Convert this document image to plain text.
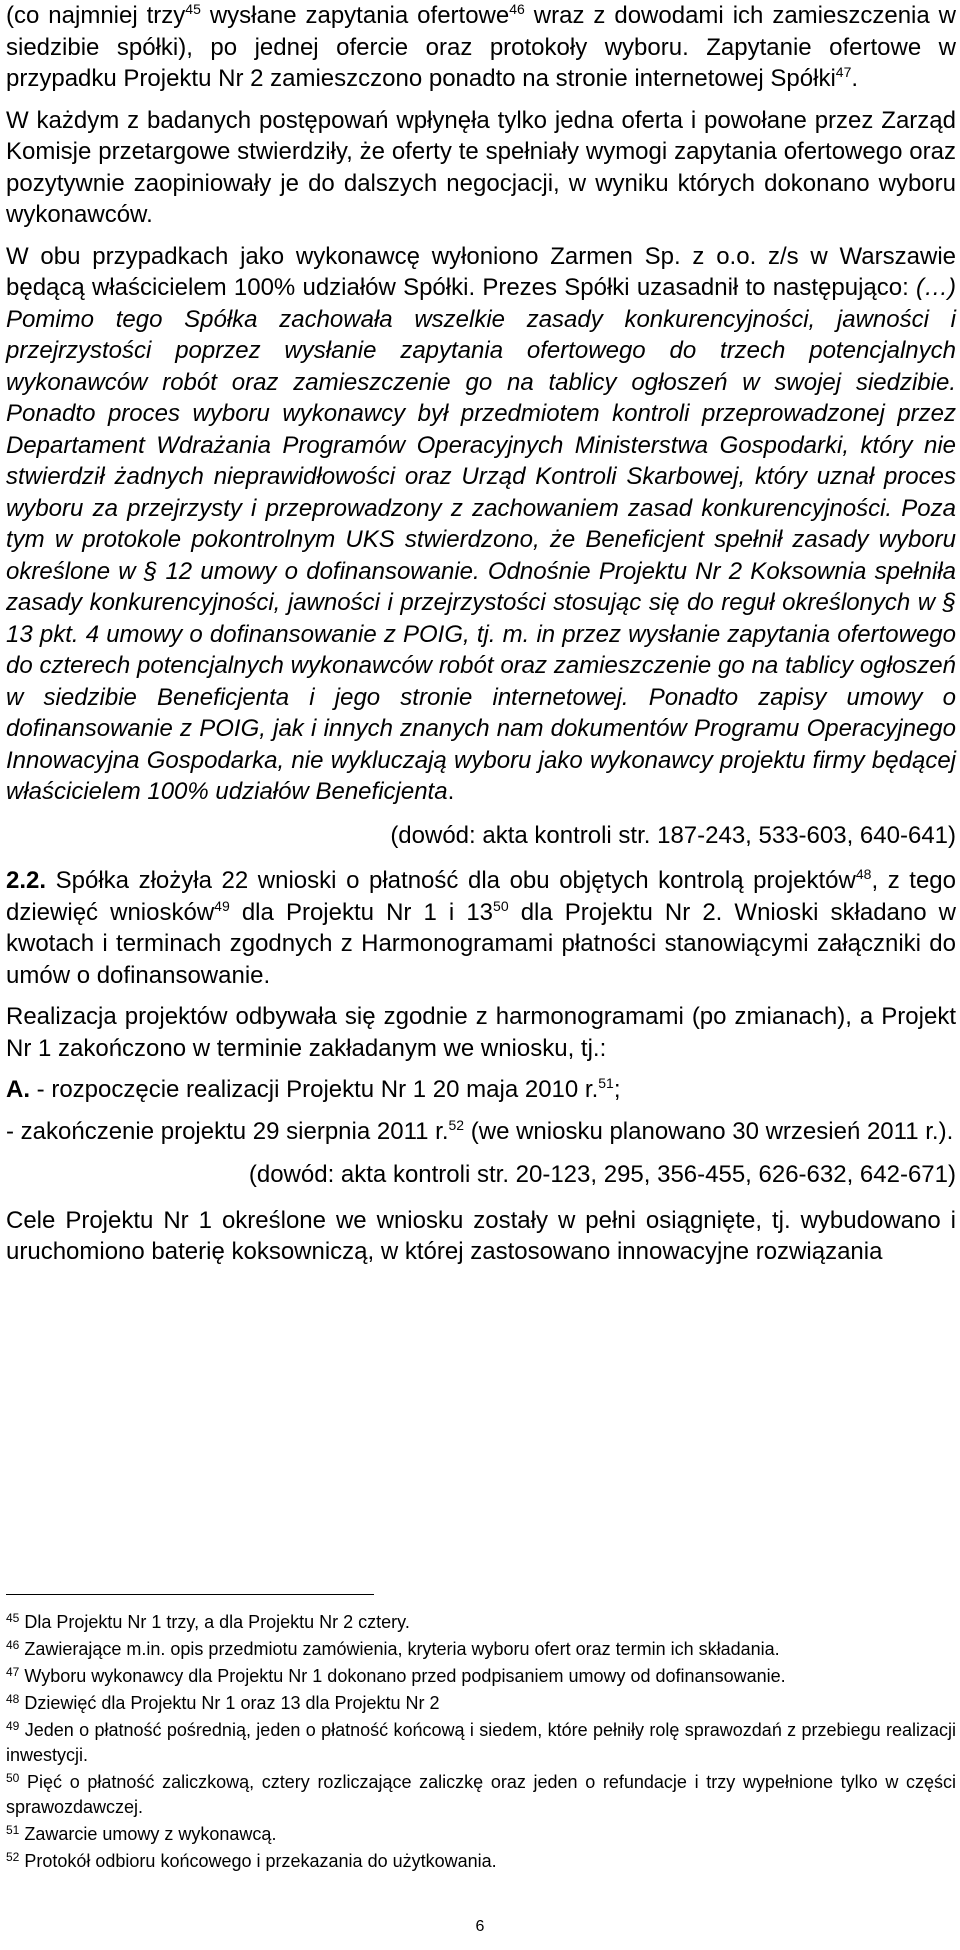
(co najmniej trzy$^{45}$ wysłane zapytania ofertowe$^{46}$ wraz z dowodami ich zamieszczenia w siedzibie spółki), po jednej ofercie oraz protokoły wyboru. Zapytanie ofertowe w przypadku Projektu Nr 2 zamieszczono ponadto na stronie internetowej Spółki$^{47}$.

W każdym z badanych postępowań wpłynęła tylko jedna oferta i powołane przez Zarząd Komisje przetargowe stwierdziły, że oferty te spełniały wymogi zapytania ofertowego oraz pozytywnie zaopiniowały je do dalszych negocjacji, w wyniku których dokonano wyboru wykonawców.

W obu przypadkach jako wykonawcę wyłoniono Zarmen Sp. z o.o. z/s w Warszawie będącą właścicielem 100% udziałów Spółki. Prezes Spółki uzasadnił to następująco: (…) Pomimo tego Spółka zachowała wszelkie zasady konkurencyjności, jawności i przejrzystości poprzez wysłanie zapytania ofertowego do trzech potencjalnych wykonawców robót oraz zamieszczenie go na tablicy ogłoszeń w swojej siedzibie. Ponadto proces wyboru wykonawcy był przedmiotem kontroli przeprowadzonej przez Departament Wdrażania Programów Operacyjnych Ministerstwa Gospodarki, który nie stwierdził żadnych nieprawidłowości oraz Urząd Kontroli Skarbowej, który uznał proces wyboru za przejrzysty i przeprowadzony z zachowaniem zasad konkurencyjności. Poza tym w protokole pokontrolnym UKS stwierdzono, że Beneficjent spełnił zasady wyboru określone w § 12 umowy o dofinansowanie. Odnośnie Projektu Nr 2 Koksownia spełniła zasady konkurencyjności, jawności i przejrzystości stosując się do reguł określonych w § 13 pkt. 4 umowy o dofinansowanie z POIG, tj. m. in przez wysłanie zapytania ofertowego do czterech potencjalnych wykonawców robót oraz zamieszczenie go na tablicy ogłoszeń w siedzibie Beneficjenta i jego stronie internetowej. Ponadto zapisy umowy o dofinansowanie z POIG, jak i innych znanych nam dokumentów Programu Operacyjnego Innowacyjna Gospodarka, nie wykluczają wyboru jako wykonawcy projektu firmy będącej właścicielem 100% udziałów Beneficjenta.

(dowód: akta kontroli str. 187-243, 533-603, 640-641)

2.2. Spółka złożyła 22 wnioski o płatność dla obu objętych kontrolą projektów$^{48}$, z tego dziewięć wniosków$^{49}$ dla Projektu Nr 1 i $13^{50}$ dla Projektu Nr 2. Wnioski składano w kwotach i terminach zgodnych z Harmonogramami płatności stanowiącymi załączniki do umów o dofinansowanie.

Realizacja projektów odbywała się zgodnie z harmonogramami (po zmianach), a Projekt Nr 1 zakończono w terminie zakładanym we wniosku, tj.:

A. - rozpoczęcie realizacji Projektu Nr 1 20 maja 2010 r.$^{51}$;

- zakończenie projektu 29 sierpnia 2011 r.$^{52}$ (we wniosku planowano 30 wrzesień 2011 r.).

(dowód: akta kontroli str. 20-123, 295, 356-455, 626-632, 642-671)

Cele Projektu Nr 1 określone we wniosku zostały w pełni osiągnięte, tj. wybudowano i uruchomiono baterię koksowniczą, w której zastosowano innowacyjne rozwiązania

$^{45}$ Dla Projektu Nr 1 trzy, a dla Projektu Nr 2 cztery.

$^{46}$ Zawierające m.in. opis przedmiotu zamówienia, kryteria wyboru ofert oraz termin ich składania.

$^{47}$ Wyboru wykonawcy dla Projektu Nr 1 dokonano przed podpisaniem umowy od dofinansowanie.

$^{48}$ Dziewięć dla Projektu Nr 1 oraz 13 dla Projektu Nr 2

$^{49}$ Jeden o płatność pośrednią, jeden o płatność końcową i siedem, które pełniły rolę sprawozdań z przebiegu realizacji inwestycji.

$^{50}$ Pięć o płatność zaliczkową, cztery rozliczające zaliczkę oraz jeden o refundacje i trzy wypełnione tylko w części sprawozdawczej.

$^{51}$ Zawarcie umowy z wykonawcą.

$^{52}$ Protokół odbioru końcowego i przekazania do użytkowania.

6
